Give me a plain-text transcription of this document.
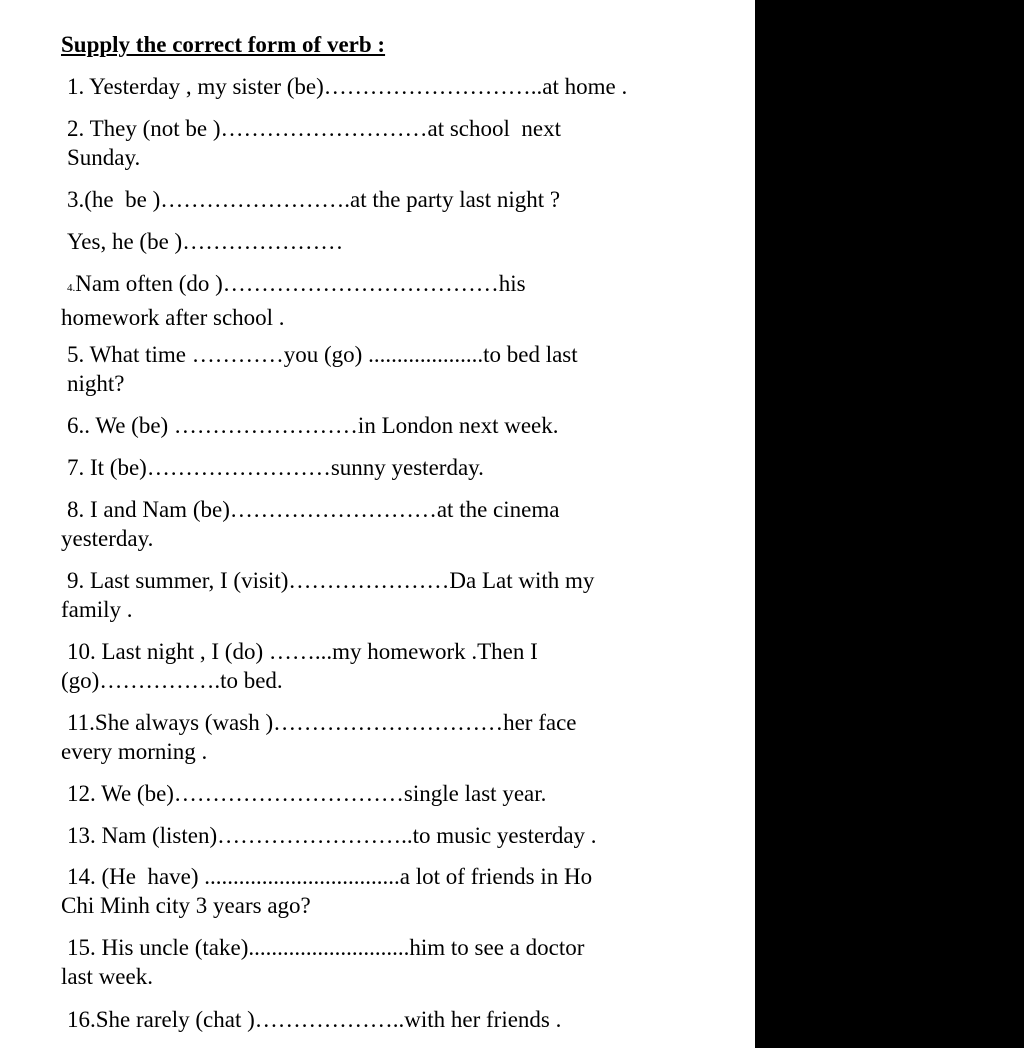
Supply the correct form of verb :
1. Yesterday , my sister (be)………………………..at home .
2. They (not be )………………………at school  next
Sunday.
3.(he  be )…………………….at the party last night ?
Yes, he (be )…………………
4.Nam often (do )………………………………his
homework after school .
5. What time …………you (go) ....................to bed last
night?
6.. We (be) ……………………in London next week.
7. It (be)……………………sunny yesterday.
8. I and Nam (be)………………………at the cinema
yesterday.
9. Last summer, I (visit)…………………Da Lat with my
family .
10. Last night , I (do) ……...my homework .Then I
(go)…………….to bed.
11.She always (wash )…………………………her face
every morning .
12. We (be)…………………………single last year.
13. Nam (listen)……………………..to music yesterday .
14. (He  have) ..................................a lot of friends in Ho
Chi Minh city 3 years ago?
15. His uncle (take)............................him to see a doctor
last week.
16.She rarely (chat )………………..with her friends .
